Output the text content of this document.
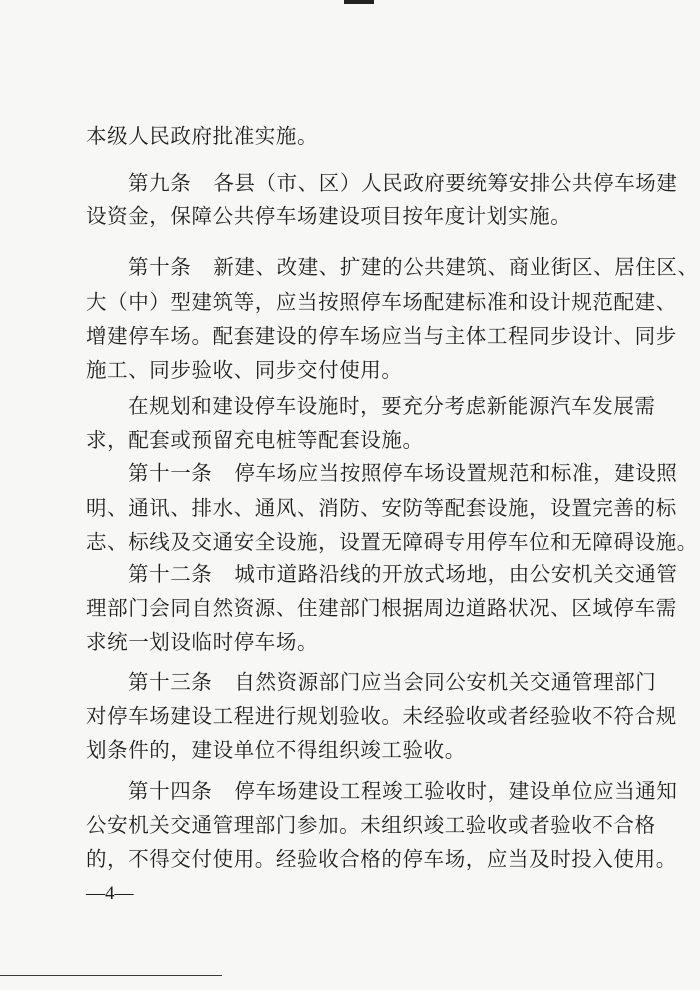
本级人民政府批准实施。
第九条 各县（市、区）人民政府要统筹安排公共停车场建
设资金，保障公共停车场建设项目按年度计划实施。
第十条 新建、改建、扩建的公共建筑、商业街区、居住区、
大（中）型建筑等，应当按照停车场配建标准和设计规范配建、
增建停车场。配套建设的停车场应当与主体工程同步设计、同步
施工、同步验收、同步交付使用。
在规划和建设停车设施时，要充分考虑新能源汽车发展需
求，配套或预留充电桩等配套设施。
第十一条 停车场应当按照停车场设置规范和标准，建设照
明、通讯、排水、通风、消防、安防等配套设施，设置完善的标
志、标线及交通安全设施，设置无障碍专用停车位和无障碍设施。
第十二条 城市道路沿线的开放式场地，由公安机关交通管
理部门会同自然资源、住建部门根据周边道路状况、区域停车需
求统一划设临时停车场。
第十三条 自然资源部门应当会同公安机关交通管理部门
对停车场建设工程进行规划验收。未经验收或者经验收不符合规
划条件的，建设单位不得组织竣工验收。
第十四条 停车场建设工程竣工验收时，建设单位应当通知
公安机关交通管理部门参加。未组织竣工验收或者验收不合格
的，不得交付使用。经验收合格的停车场，应当及时投入使用。
—4—
